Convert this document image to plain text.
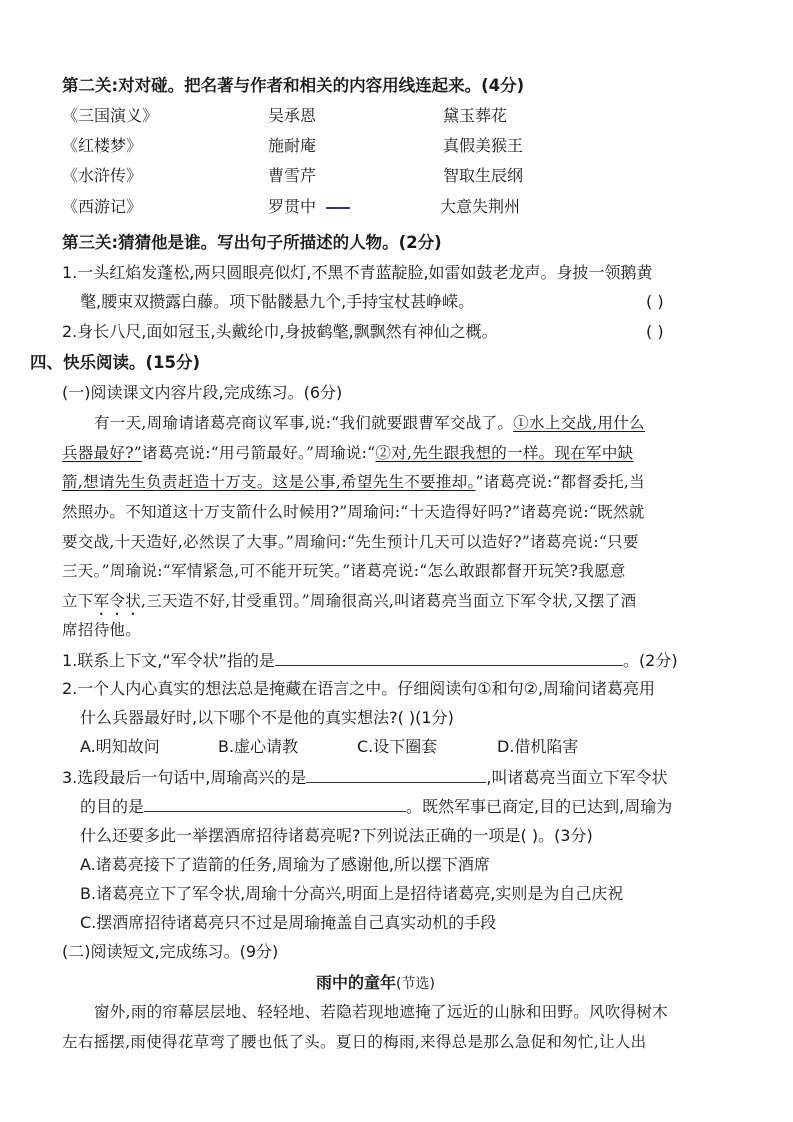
第二关:对对碰。把名著与作者和相关的内容用线连起来。(4分)
《三国演义》	吴承恩	黛玉葬花
《红楼梦》	施耐庵	真假美猴王
《水浒传》	曹雪芹	智取生辰纲
《西游记》	罗贯中	大意失荆州
第三关:猜猜他是谁。写出句子所描述的人物。(2分)
1.一头红焰发蓬松,两只圆眼亮似灯,不黑不青蓝靛脸,如雷如鼓老龙声。身披一领鹅黄
氅,腰束双攒露白藤。项下骷髅悬九个,手持宝杖甚峥嵘。	( )
2.身长八尺,面如冠玉,头戴纶巾,身披鹤氅,飘飘然有神仙之概。	( )
四、快乐阅读。(15分)
(一)阅读课文内容片段,完成练习。(6分)
有一天,周瑜请诸葛亮商议军事,说:“我们就要跟曹军交战了。①水上交战,用什么
兵器最好?”诸葛亮说:“用弓箭最好。”周瑜说:“②对,先生跟我想的一样。现在军中缺
箭,想请先生负责赶造十万支。这是公事,希望先生不要推却。”诸葛亮说:“都督委托,当
然照办。不知道这十万支箭什么时候用?”周瑜问:“十天造得好吗?”诸葛亮说:“既然就
要交战,十天造好,必然误了大事。”周瑜问:“先生预计几天可以造好?”诸葛亮说:“只要
三天。”周瑜说:“军情紧急,可不能开玩笑。”诸葛亮说:“怎么敢跟都督开玩笑?我愿意
立下军令状,三天造不好,甘受重罚。”周瑜很高兴,叫诸葛亮当面立下军令状,又摆了酒
席招待他。
1.联系上下文,“军令状”指的是	。(2分)
2.一个人内心真实的想法总是掩藏在语言之中。仔细阅读句①和句②,周瑜问诸葛亮用
什么兵器最好时,以下哪个不是他的真实想法?( )(1分)
A.明知故问	B.虚心请教	C.设下圈套	D.借机陷害
3.选段最后一句话中,周瑜高兴的是	,叫诸葛亮当面立下军令状
的目的是	。既然军事已商定,目的已达到,周瑜为
什么还要多此一举摆酒席招待诸葛亮呢?下列说法正确的一项是( )。(3分)
A.诸葛亮接下了造箭的任务,周瑜为了感谢他,所以摆下酒席
B.诸葛亮立下了军令状,周瑜十分高兴,明面上是招待诸葛亮,实则是为自己庆祝
C.摆酒席招待诸葛亮只不过是周瑜掩盖自己真实动机的手段
(二)阅读短文,完成练习。(9分)
雨中的童年(节选)
窗外,雨的帘幕层层地、轻轻地、若隐若现地遮掩了远近的山脉和田野。风吹得树木
左右摇摆,雨使得花草弯了腰也低了头。夏日的梅雨,来得总是那么急促和匆忙,让人出
